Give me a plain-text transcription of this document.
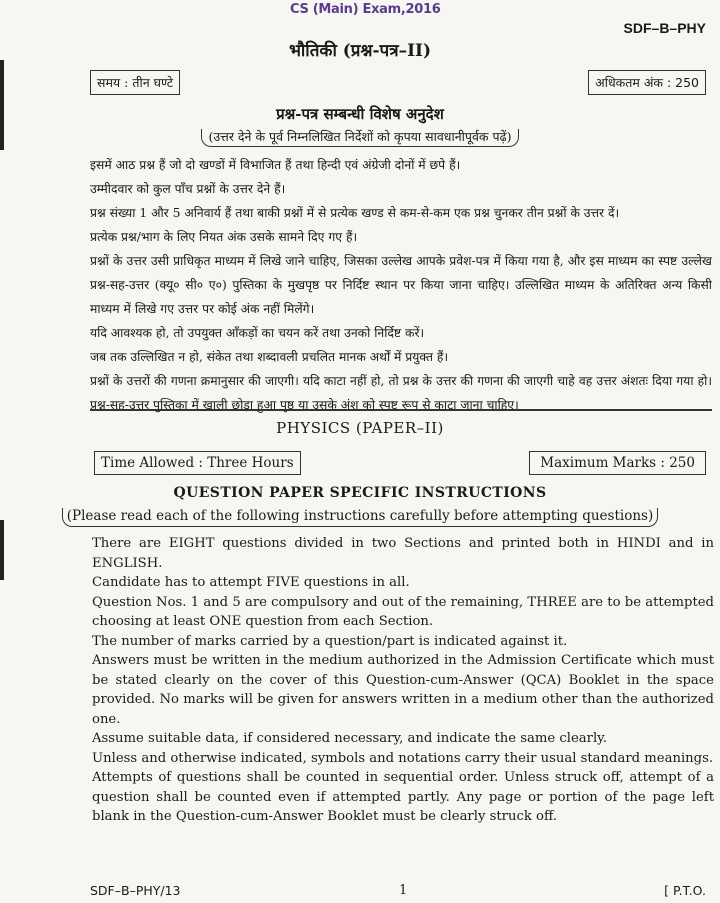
CS (Main) Exam,2016
SDF–B–PHY
भौतिकी (प्रश्न-पत्र–II)
समय : तीन घण्टे	अधिकतम अंक : 250
प्रश्न-पत्र सम्बन्धी विशेष अनुदेश
(उत्तर देने के पूर्व निम्नलिखित निर्देशों को कृपया सावधानीपूर्वक पढ़ें)

इसमें आठ प्रश्न हैं जो दो खण्डों में विभाजित हैं तथा हिन्दी एवं अंग्रेजी दोनों में छपे हैं।

उम्मीदवार को कुल पाँच प्रश्नों के उत्तर देने हैं।

प्रश्न संख्या 1 और 5 अनिवार्य हैं तथा बाकी प्रश्नों में से प्रत्येक खण्ड से कम-से-कम एक प्रश्न चुनकर तीन प्रश्नों के उत्तर दें।

प्रत्येक प्रश्न/भाग के लिए नियत अंक उसके सामने दिए गए हैं।

प्रश्नों के उत्तर उसी प्राधिकृत माध्यम में लिखे जाने चाहिए, जिसका उल्लेख आपके प्रवेश-पत्र में किया गया है, और इस माध्यम का स्पष्ट उल्लेख प्रश्न-सह-उत्तर (क्यू० सी० ए०) पुस्तिका के मुखपृष्ठ पर निर्दिष्ट स्थान पर किया जाना चाहिए। उल्लिखित माध्यम के अतिरिक्त अन्य किसी माध्यम में लिखे गए उत्तर पर कोई अंक नहीं मिलेंगे।

यदि आवश्यक हो, तो उपयुक्त आँकड़ों का चयन करें तथा उनको निर्दिष्ट करें।

जब तक उल्लिखित न हो, संकेत तथा शब्दावली प्रचलित मानक अर्थों में प्रयुक्त हैं।

प्रश्नों के उत्तरों की गणना क्रमानुसार की जाएगी। यदि काटा नहीं हो, तो प्रश्न के उत्तर की गणना की जाएगी चाहे वह उत्तर अंशतः दिया गया हो। प्रश्न-सह-उत्तर पुस्तिका में खाली छोड़ा हुआ पृष्ठ या उसके अंश को स्पष्ट रूप से काटा जाना चाहिए।

PHYSICS (PAPER–II)
Time Allowed : Three Hours	Maximum Marks : 250
QUESTION PAPER SPECIFIC INSTRUCTIONS
(Please read each of the following instructions carefully before attempting questions)

There are EIGHT questions divided in two Sections and printed both in HINDI and in ENGLISH.

Candidate has to attempt FIVE questions in all.

Question Nos. 1 and 5 are compulsory and out of the remaining, THREE are to be attempted choosing at least ONE question from each Section.

The number of marks carried by a question/part is indicated against it.

Answers must be written in the medium authorized in the Admission Certificate which must be stated clearly on the cover of this Question-cum-Answer (QCA) Booklet in the space provided. No marks will be given for answers written in a medium other than the authorized one.

Assume suitable data, if considered necessary, and indicate the same clearly.

Unless and otherwise indicated, symbols and notations carry their usual standard meanings.

Attempts of questions shall be counted in sequential order. Unless struck off, attempt of a question shall be counted even if attempted partly. Any page or portion of the page left blank in the Question-cum-Answer Booklet must be clearly struck off.

SDF–B–PHY/13	1	[ P.T.O.
